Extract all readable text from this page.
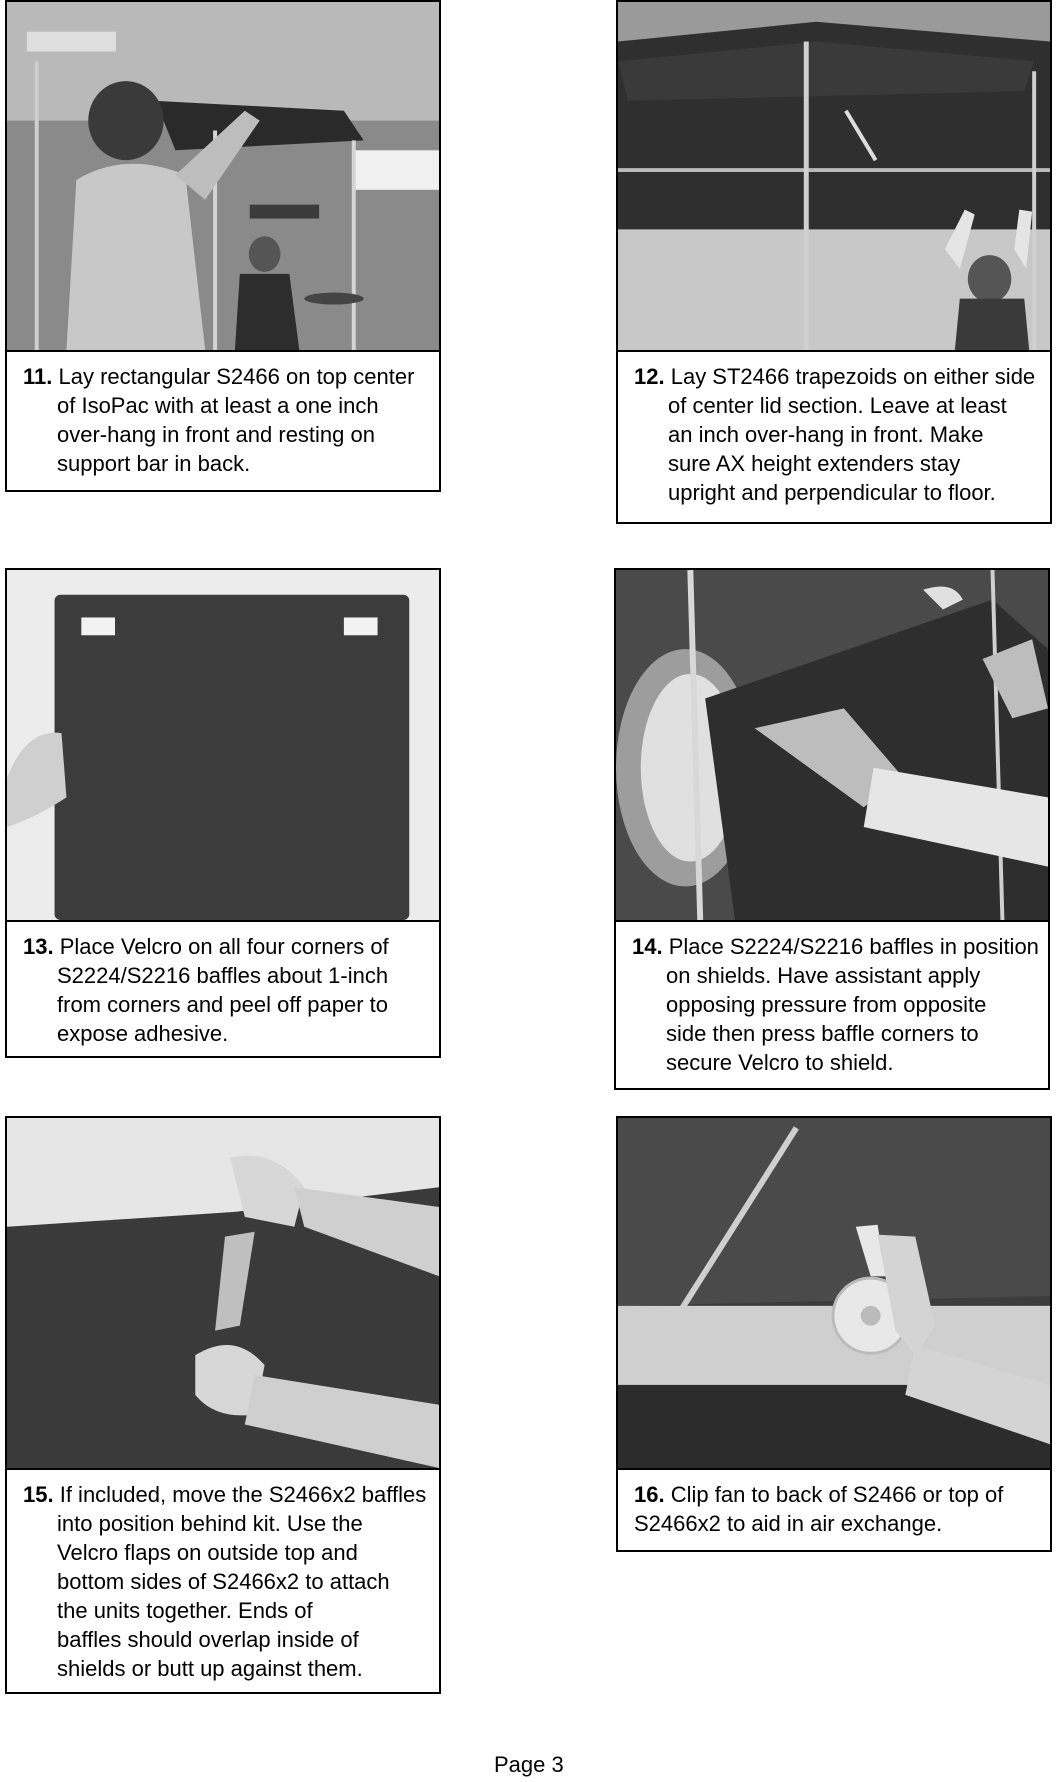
11. Lay rectangular S2466 on top center
of IsoPac with at least a one inch
over-hang in front and resting on
support bar in back.
12. Lay ST2466 trapezoids on either side
of center lid section. Leave at least
an inch over-hang in front. Make
sure AX height extenders stay
upright and perpendicular to floor.
13. Place Velcro on all four corners of
S2224/S2216 baffles about 1-inch
from corners and peel off paper to
expose adhesive.
14. Place S2224/S2216 baffles in position
on shields. Have assistant apply
opposing pressure from opposite
side then press baffle corners to
secure Velcro to shield.
15. If included, move the S2466x2 baffles
into position behind kit. Use the
Velcro flaps on outside top and
bottom sides of S2466x2 to attach
the units together. Ends of
baffles should overlap inside of
shields or butt up against them.
16. Clip fan to back of S2466 or top of
S2466x2 to aid in air exchange.
Page 3
